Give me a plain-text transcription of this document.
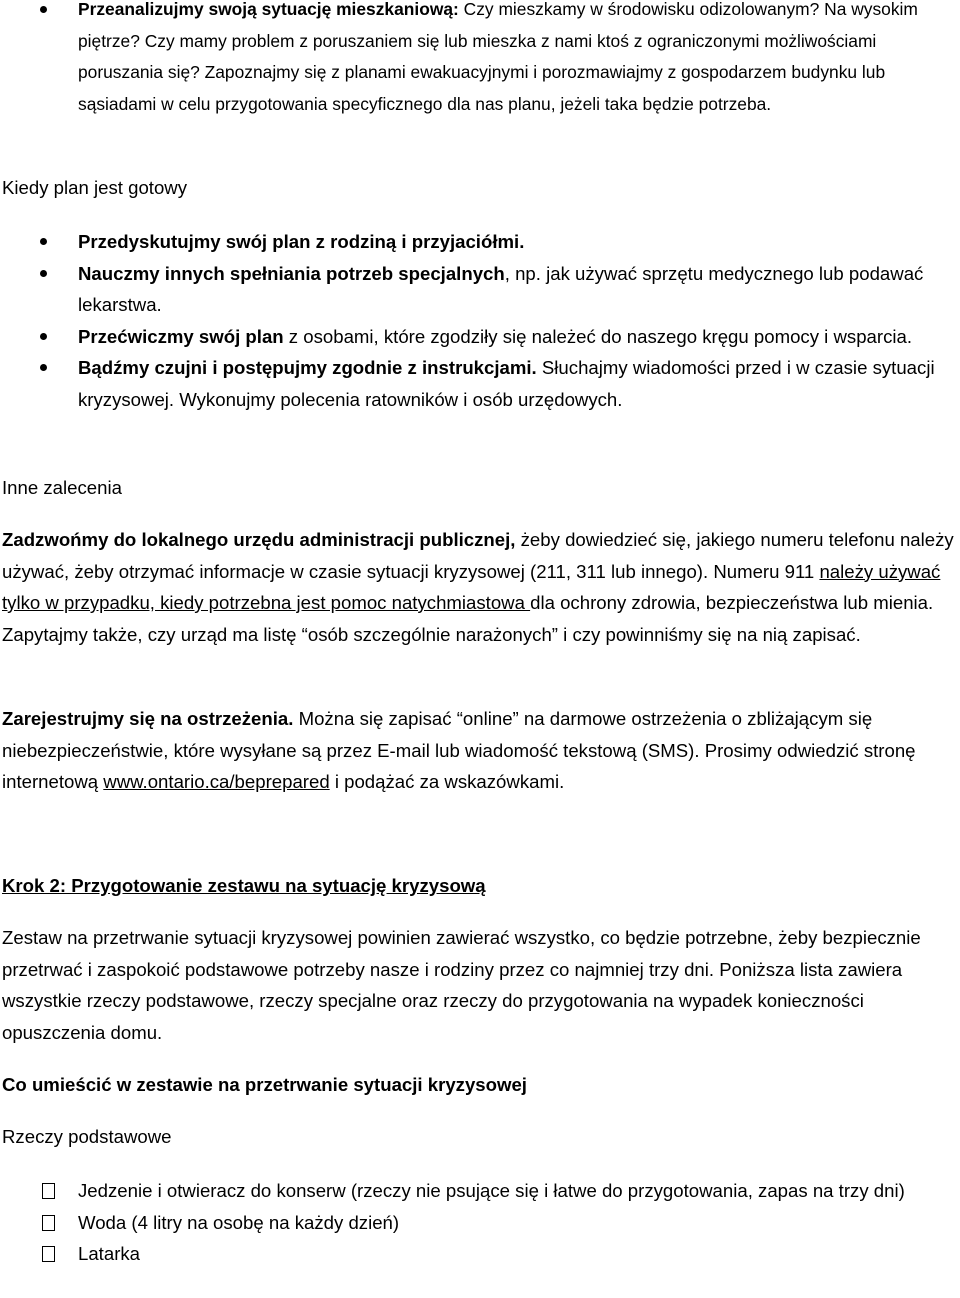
Przeanalizujmy swoją sytuację mieszkaniową: Czy mieszkamy w środowisku odizolowanym? Na wysokim piętrze? Czy mamy problem z poruszaniem się lub mieszka z nami ktoś z ograniczonymi możliwościami poruszania się? Zapoznajmy się z planami ewakuacyjnymi i porozmawiajmy z gospodarzem budynku lub sąsiadami w celu przygotowania specyficznego dla nas planu, jeżeli taka będzie potrzeba.

Kiedy plan jest gotowy

Przedyskutujmy swój plan z rodziną i przyjaciółmi.
Nauczmy innych spełniania potrzeb specjalnych, np. jak używać sprzętu medycznego lub podawać lekarstwa.
Przećwiczmy swój plan z osobami, które zgodziły się należeć do naszego kręgu pomocy i wsparcia.
Bądźmy czujni i postępujmy zgodnie z instrukcjami. Słuchajmy wiadomości przed i w czasie sytuacji kryzysowej. Wykonujmy polecenia ratowników i osób urzędowych.

Inne zalecenia

Zadzwońmy do lokalnego urzędu administracji publicznej, żeby dowiedzieć się, jakiego numeru telefonu należy używać, żeby otrzymać informacje w czasie sytuacji kryzysowej (211, 311 lub innego). Numeru 911 należy używać tylko w przypadku, kiedy potrzebna jest pomoc natychmiastowa dla ochrony zdrowia, bezpieczeństwa lub mienia. Zapytajmy także, czy urząd ma listę “osób szczególnie narażonych” i czy powinniśmy się na nią zapisać.

Zarejestrujmy się na ostrzeżenia. Można się zapisać “online” na darmowe ostrzeżenia o zbliżającym się niebezpieczeństwie, które wysyłane są przez E-mail lub wiadomość tekstową (SMS). Prosimy odwiedzić stronę internetową www.ontario.ca/beprepared i podążać za wskazówkami.

Krok 2: Przygotowanie zestawu na sytuację kryzysową

Zestaw na przetrwanie sytuacji kryzysowej powinien zawierać wszystko, co będzie potrzebne, żeby bezpiecznie przetrwać i zaspokoić podstawowe potrzeby nasze i rodziny przez co najmniej trzy dni. Poniższa lista zawiera wszystkie rzeczy podstawowe, rzeczy specjalne oraz rzeczy do przygotowania na wypadek konieczności opuszczenia domu.

Co umieścić w zestawie na przetrwanie sytuacji kryzysowej

Rzeczy podstawowe

Jedzenie i otwieracz do konserw (rzeczy nie psujące się i łatwe do przygotowania, zapas na trzy dni)
Woda (4 litry na osobę na każdy dzień)
Latarka
